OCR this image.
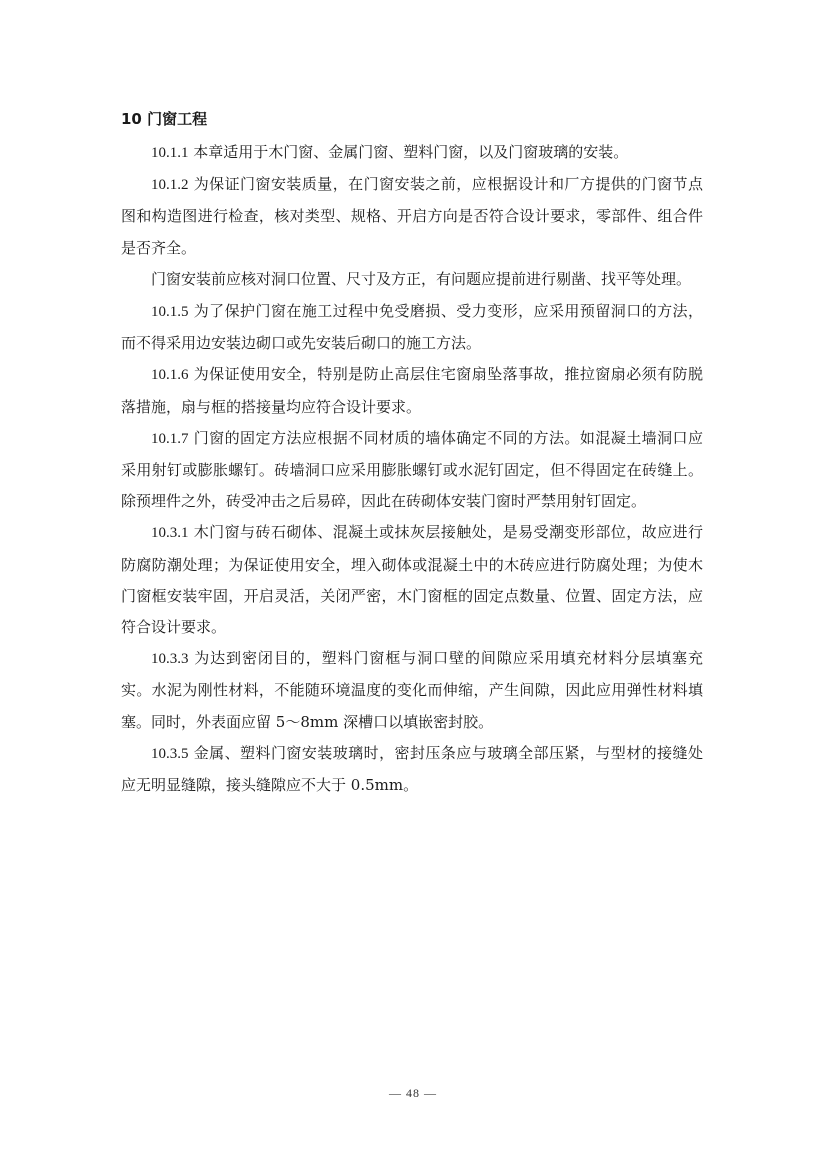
10 门窗工程

10.1.1 本章适用于木门窗、金属门窗、塑料门窗，以及门窗玻璃的安装。

10.1.2 为保证门窗安装质量，在门窗安装之前，应根据设计和厂方提供的门窗节点图和构造图进行检查，核对类型、规格、开启方向是否符合设计要求，零部件、组合件是否齐全。

门窗安装前应核对洞口位置、尺寸及方正，有问题应提前进行剔凿、找平等处理。

10.1.5 为了保护门窗在施工过程中免受磨损、受力变形，应采用预留洞口的方法，而不得采用边安装边砌口或先安装后砌口的施工方法。

10.1.6 为保证使用安全，特别是防止高层住宅窗扇坠落事故，推拉窗扇必须有防脱落措施，扇与框的搭接量均应符合设计要求。

10.1.7 门窗的固定方法应根据不同材质的墙体确定不同的方法。如混凝土墙洞口应采用射钉或膨胀螺钉。砖墙洞口应采用膨胀螺钉或水泥钉固定，但不得固定在砖缝上。除预埋件之外，砖受冲击之后易碎，因此在砖砌体安装门窗时严禁用射钉固定。

10.3.1 木门窗与砖石砌体、混凝土或抹灰层接触处，是易受潮变形部位，故应进行防腐防潮处理；为保证使用安全，埋入砌体或混凝土中的木砖应进行防腐处理；为使木门窗框安装牢固，开启灵活，关闭严密，木门窗框的固定点数量、位置、固定方法，应符合设计要求。

10.3.3 为达到密闭目的，塑料门窗框与洞口壁的间隙应采用填充材料分层填塞充实。水泥为刚性材料，不能随环境温度的变化而伸缩，产生间隙，因此应用弹性材料填塞。同时，外表面应留 5～8mm 深槽口以填嵌密封胶。

10.3.5 金属、塑料门窗安装玻璃时，密封压条应与玻璃全部压紧，与型材的接缝处应无明显缝隙，接头缝隙应不大于 0.5mm。

— 48 —
